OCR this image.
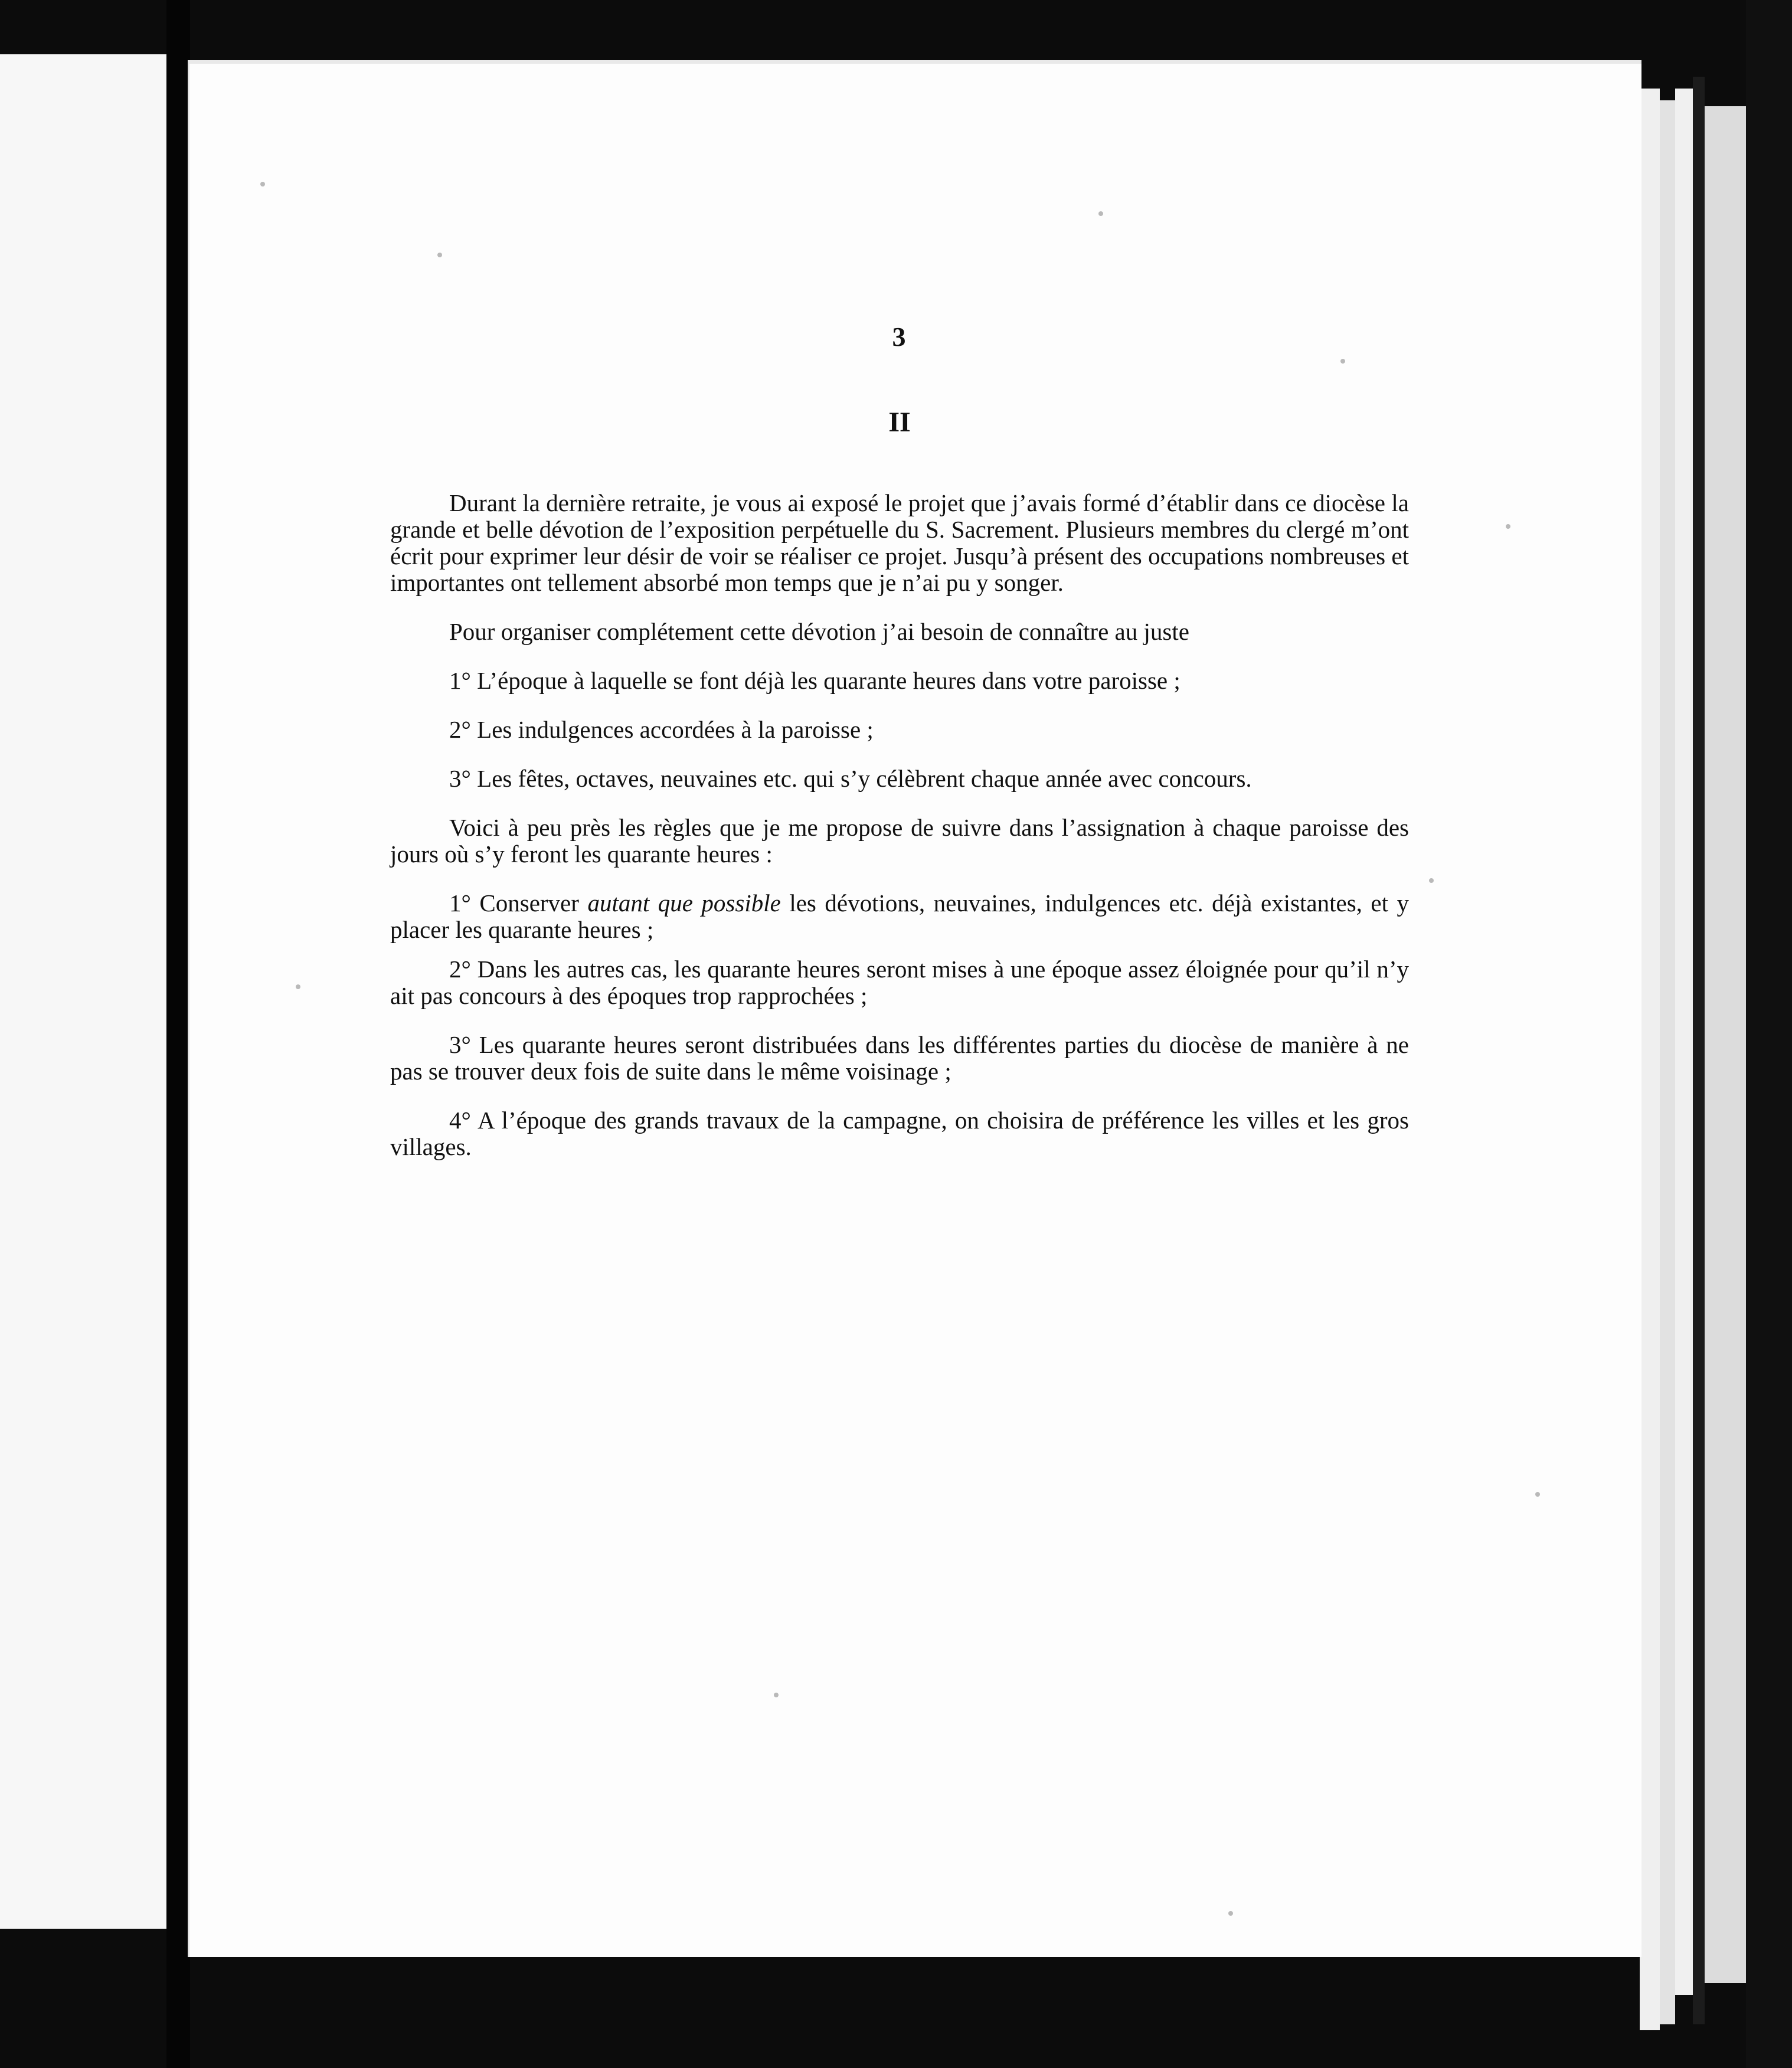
3
II

Durant la dernière retraite, je vous ai exposé le projet que j’avais formé d’établir dans ce diocèse la grande et belle dévotion de l’exposition perpétuelle du S. Sacrement. Plusieurs membres du clergé m’ont écrit pour exprimer leur désir de voir se réaliser ce projet. Jusqu’à présent des occupations nombreuses et importantes ont tellement absorbé mon temps que je n’ai pu y songer.

Pour organiser complétement cette dévotion j’ai besoin de connaître au juste

1° L’époque à laquelle se font déjà les quarante heures dans votre paroisse ;

2° Les indulgences accordées à la paroisse ;

3° Les fêtes, octaves, neuvaines etc. qui s’y célèbrent chaque année avec concours.

Voici à peu près les règles que je me propose de suivre dans l’assignation à chaque paroisse des jours où s’y feront les quarante heures :

1° Conserver autant que possible les dévotions, neuvaines, indulgences etc. déjà existantes, et y placer les quarante heures ;

2° Dans les autres cas, les quarante heures seront mises à une époque assez éloignée pour qu’il n’y ait pas concours à des époques trop rapprochées ;

3° Les quarante heures seront distribuées dans les différentes parties du diocèse de manière à ne pas se trouver deux fois de suite dans le même voisinage ;

4° A l’époque des grands travaux de la campagne, on choisira de préférence les villes et les gros villages.
